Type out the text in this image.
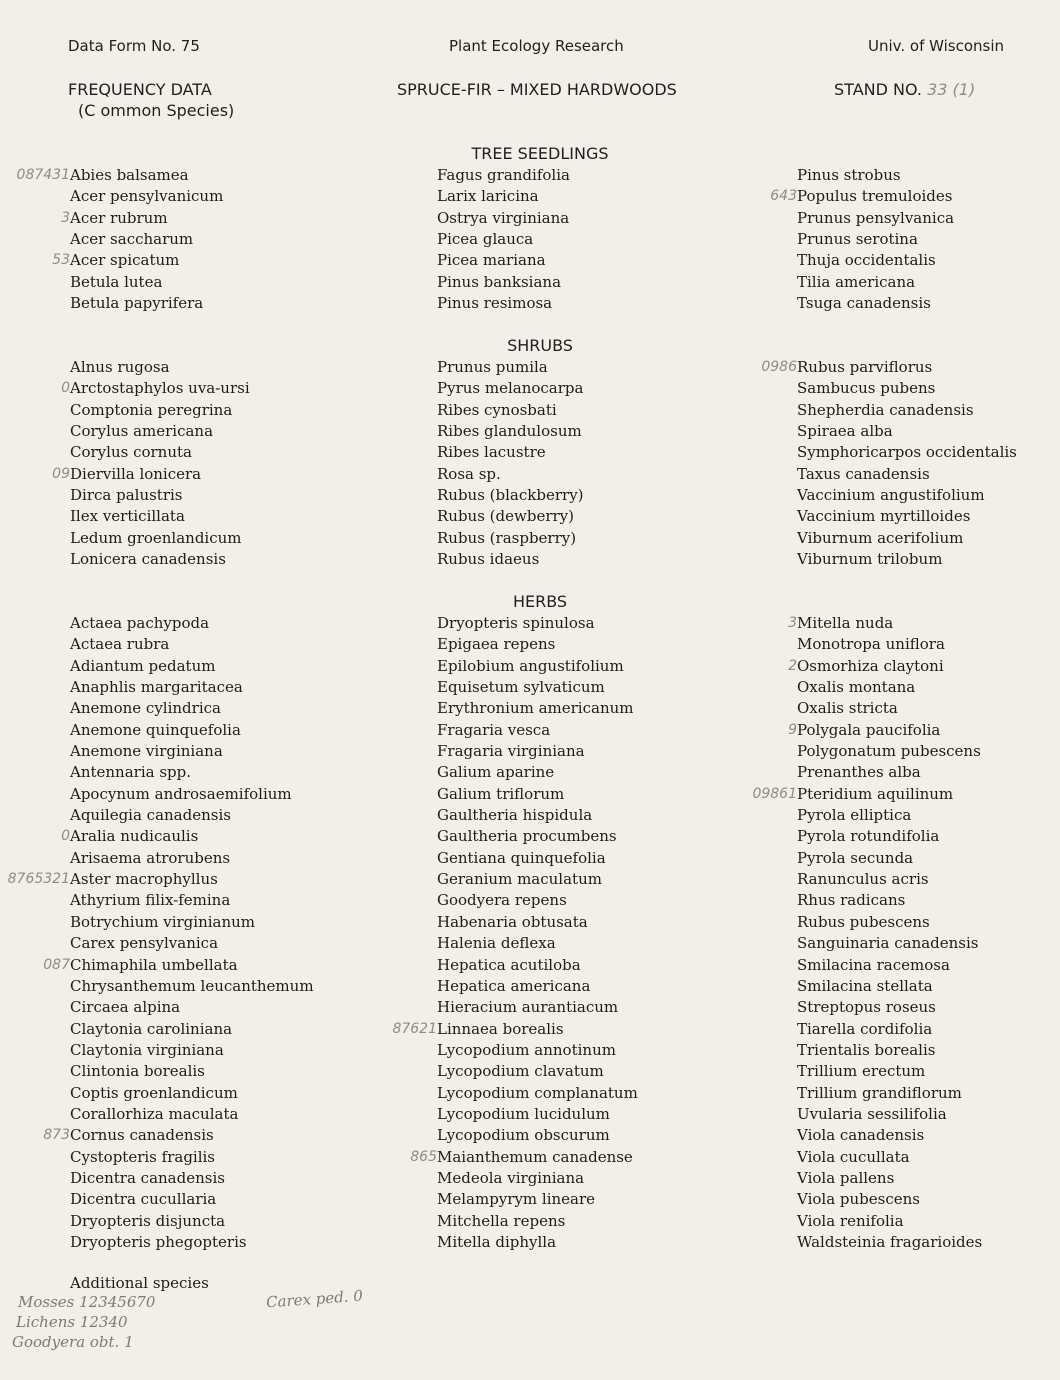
Data Form No. 75	Plant Ecology Research	Univ. of Wisconsin
FREQUENCY DATA
(C ommon Species)
SPRUCE-FIR – MIXED HARDWOODS	STAND NO. 33 (1)
TREE SEEDLINGS
087431 Abies balsamea
Acer pensylvanicum
3 Acer rubrum
Acer saccharum
53 Acer spicatum
Betula lutea
Betula papyrifera
Fagus grandifolia
Larix laricina
Ostrya virginiana
Picea glauca
Picea mariana
Pinus banksiana
Pinus resimosa
Pinus strobus
643 Populus tremuloides
Prunus pensylvanica
Prunus serotina
Thuja occidentalis
Tilia americana
Tsuga canadensis
SHRUBS
Alnus rugosa
0 Arctostaphylos uva-ursi
Comptonia peregrina
Corylus americana
Corylus cornuta
09 Diervilla lonicera
Dirca palustris
Ilex verticillata
Ledum groenlandicum
Lonicera canadensis
Prunus pumila
Pyrus melanocarpa
Ribes cynosbati
Ribes glandulosum
Ribes lacustre
Rosa sp.
Rubus (blackberry)
Rubus (dewberry)
Rubus (raspberry)
Rubus idaeus
0986 Rubus parviflorus
Sambucus pubens
Shepherdia canadensis
Spiraea alba
Symphoricarpos occidentalis
Taxus canadensis
Vaccinium angustifolium
Vaccinium myrtilloides
Viburnum acerifolium
Viburnum trilobum
HERBS
Actaea pachypoda
Actaea rubra
Adiantum pedatum
Anaphlis margaritacea
Anemone cylindrica
Anemone quinquefolia
Anemone virginiana
Antennaria spp.
Apocynum androsaemifolium
Aquilegia canadensis
0 Aralia nudicaulis
Arisaema atrorubens
8765321 Aster macrophyllus
Athyrium filix-femina
Botrychium virginianum
Carex pensylvanica
087 Chimaphila umbellata
Chrysanthemum leucanthemum
Circaea alpina
Claytonia caroliniana
Claytonia virginiana
Clintonia borealis
Coptis groenlandicum
Corallorhiza maculata
873 Cornus canadensis
Cystopteris fragilis
Dicentra canadensis
Dicentra cucullaria
Dryopteris disjuncta
Dryopteris phegopteris
Dryopteris spinulosa
Epigaea repens
Epilobium angustifolium
Equisetum sylvaticum
Erythronium americanum
Fragaria vesca
Fragaria virginiana
Galium aparine
Galium triflorum
Gaultheria hispidula
Gaultheria procumbens
Gentiana quinquefolia
Geranium maculatum
Goodyera repens
Habenaria obtusata
Halenia deflexa
Hepatica acutiloba
Hepatica americana
Hieracium aurantiacum
87621 Linnaea borealis
Lycopodium annotinum
Lycopodium clavatum
Lycopodium complanatum
Lycopodium lucidulum
Lycopodium obscurum
865 Maianthemum canadense
Medeola virginiana
Melampyrym lineare
Mitchella repens
Mitella diphylla
3 Mitella nuda
Monotropa uniflora
2 Osmorhiza claytoni
Oxalis montana
Oxalis stricta
9 Polygala paucifolia
Polygonatum pubescens
Prenanthes alba
09861 Pteridium aquilinum
Pyrola elliptica
Pyrola rotundifolia
Pyrola secunda
Ranunculus acris
Rhus radicans
Rubus pubescens
Sanguinaria canadensis
Smilacina racemosa
Smilacina stellata
Streptopus roseus
Tiarella cordifolia
Trientalis borealis
Trillium erectum
Trillium grandiflorum
Uvularia sessilifolia
Viola canadensis
Viola cucullata
Viola pallens
Viola pubescens
Viola renifolia
Waldsteinia fragarioides
Additional species
Mosses 12345670
Lichens 12340
Goodyera obt. 1
Carex ped. 0
